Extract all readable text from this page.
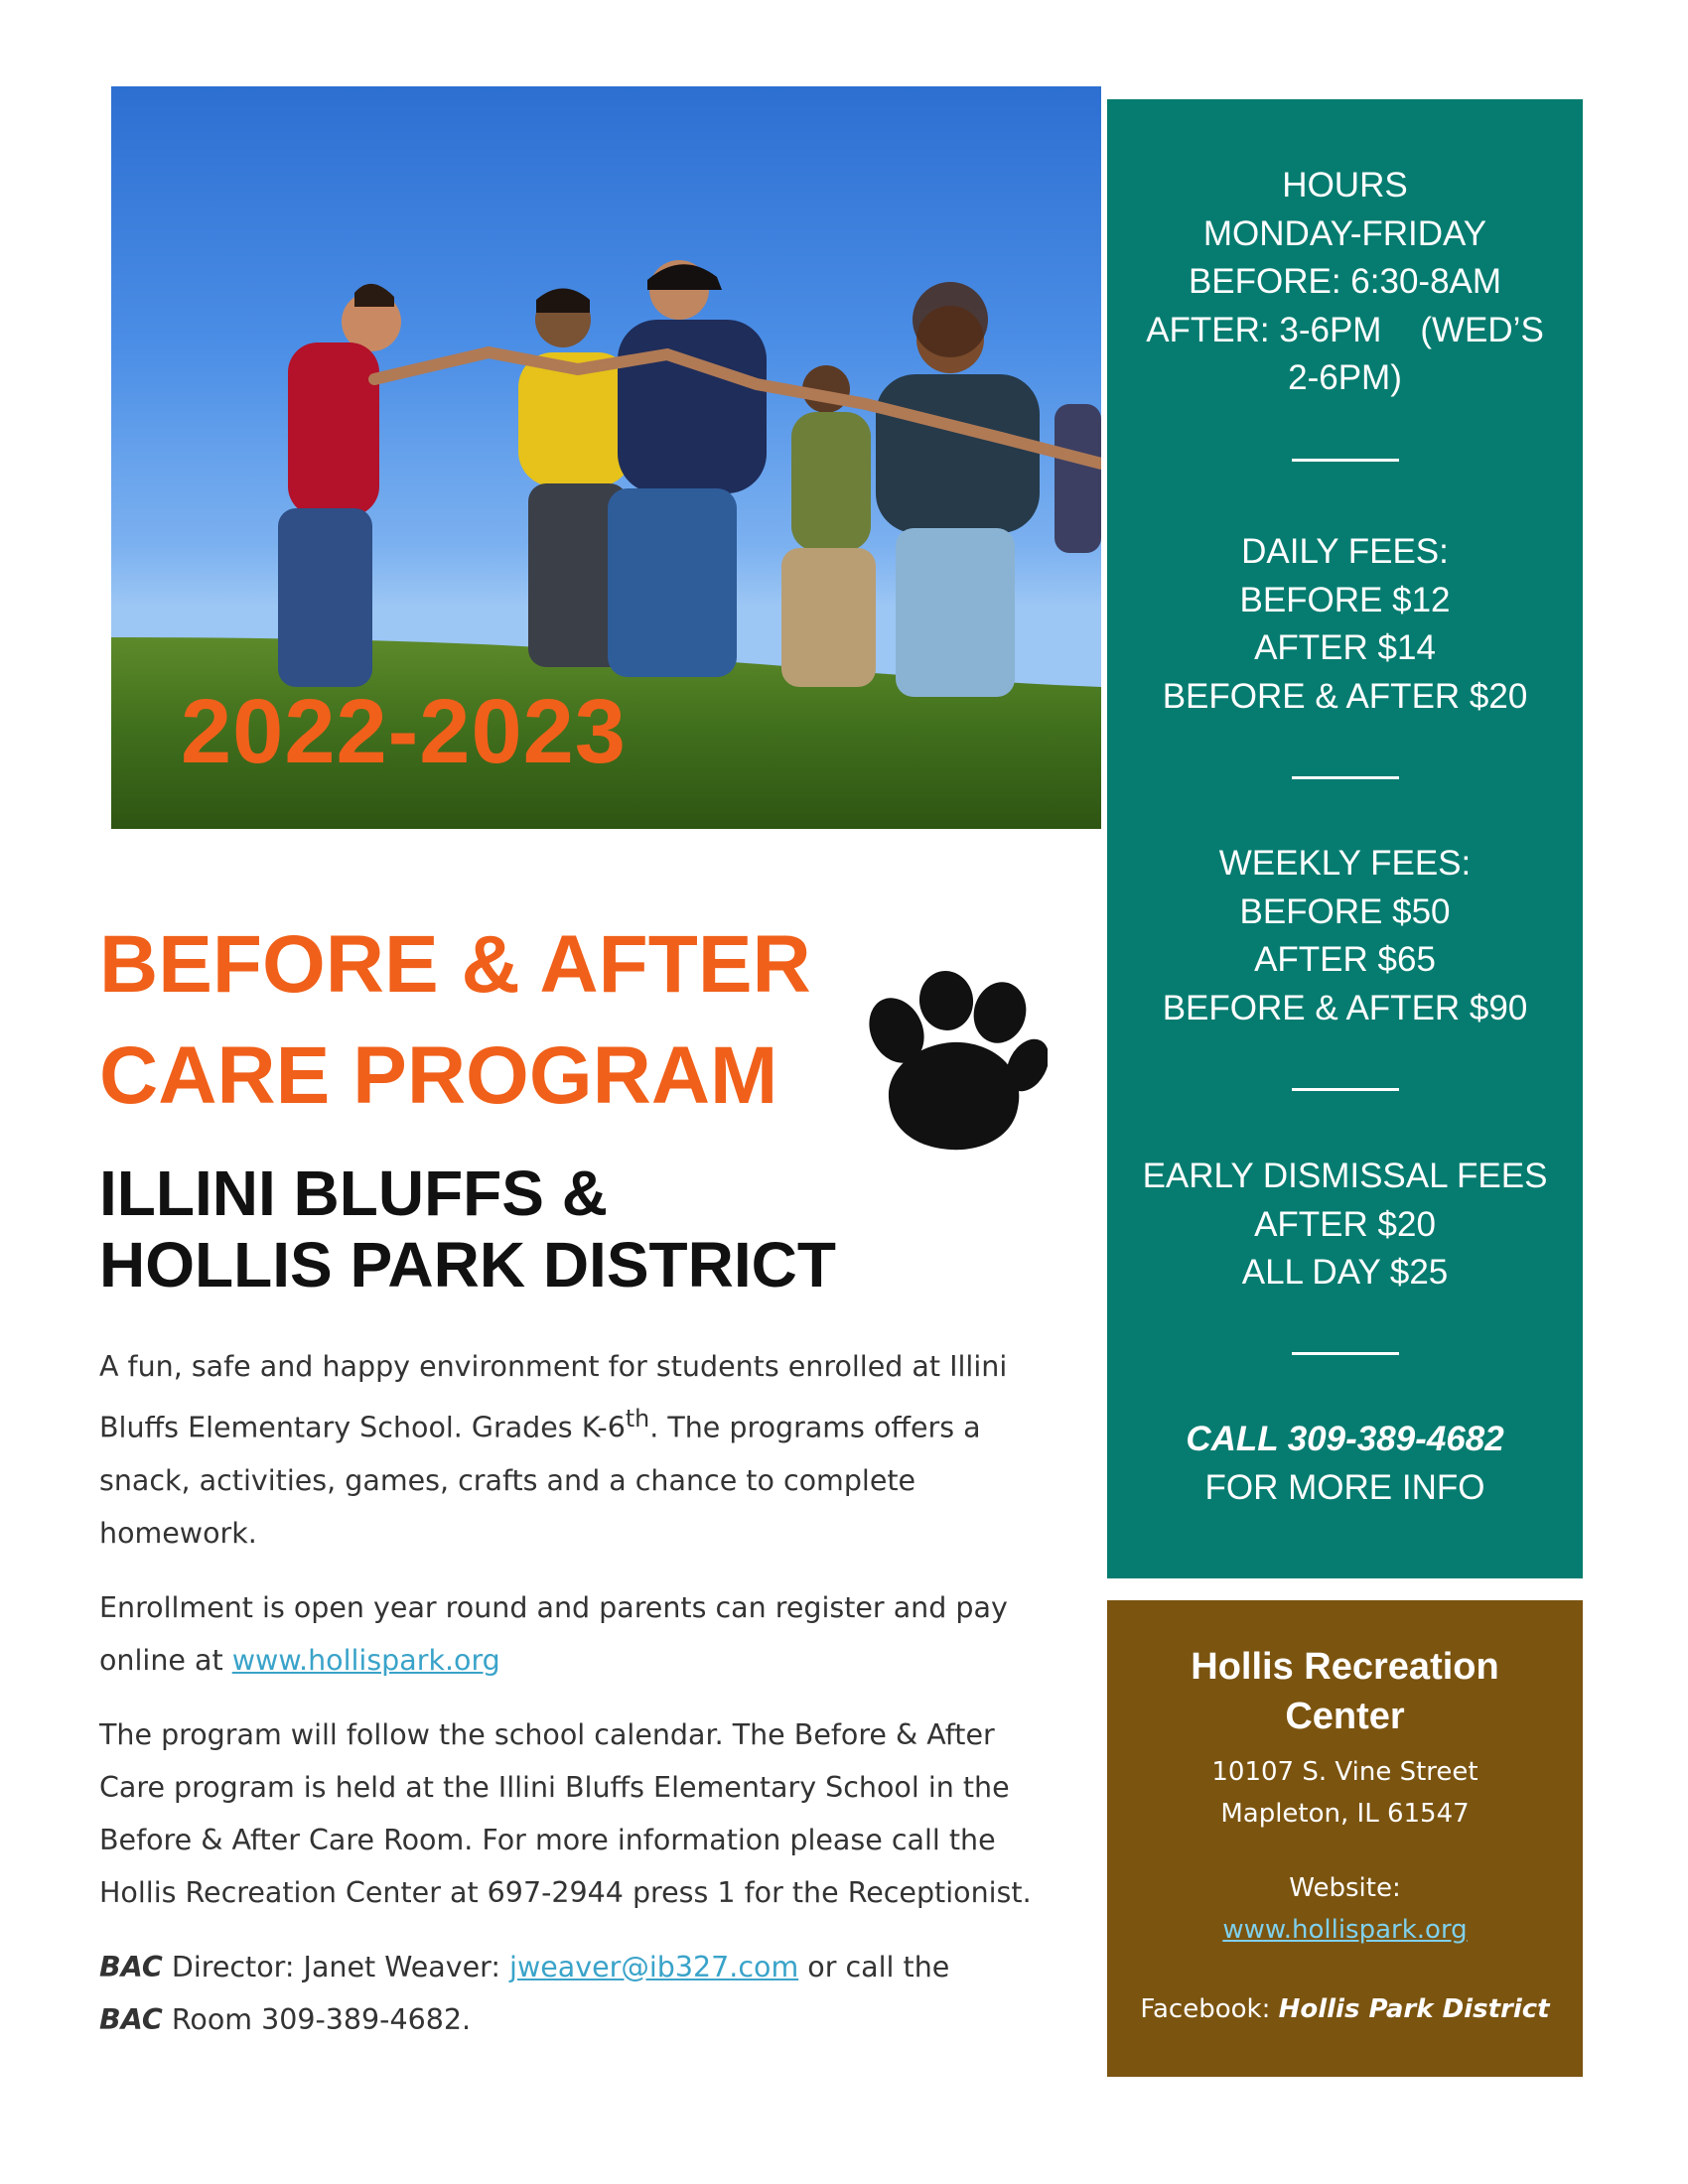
2022-2023
BEFORE & AFTER
CARE PROGRAM
ILLINI BLUFFS &
HOLLIS PARK DISTRICT

A fun, safe and happy environment for students enrolled at Illini Bluffs Elementary School. Grades K-6th. The programs offers a snack, activities, games, crafts and a chance to complete homework.

Enrollment is open year round and parents can register and pay online at www.hollispark.org

The program will follow the school calendar. The Before & After Care program is held at the Illini Bluffs Elementary School in the Before & After Care Room. For more information please call the Hollis Recreation Center at 697-2944 press 1 for the Receptionist.

BAC Director: Janet Weaver: jweaver@ib327.com or call the
BAC Room 309-389-4682.

HOURS
MONDAY-FRIDAY
BEFORE: 6:30-8AM
AFTER: 3-6PM    (WED’S
2-6PM)
DAILY FEES:
BEFORE $12
AFTER $14
BEFORE & AFTER $20
WEEKLY FEES:
BEFORE $50
AFTER $65
BEFORE & AFTER $90
EARLY DISMISSAL FEES
AFTER $20
ALL DAY $25
CALL 309-389-4682
FOR MORE INFO
Hollis Recreation
Center
10107 S. Vine Street
Mapleton, IL 61547
Website:
www.hollispark.org
Facebook: Hollis Park District
